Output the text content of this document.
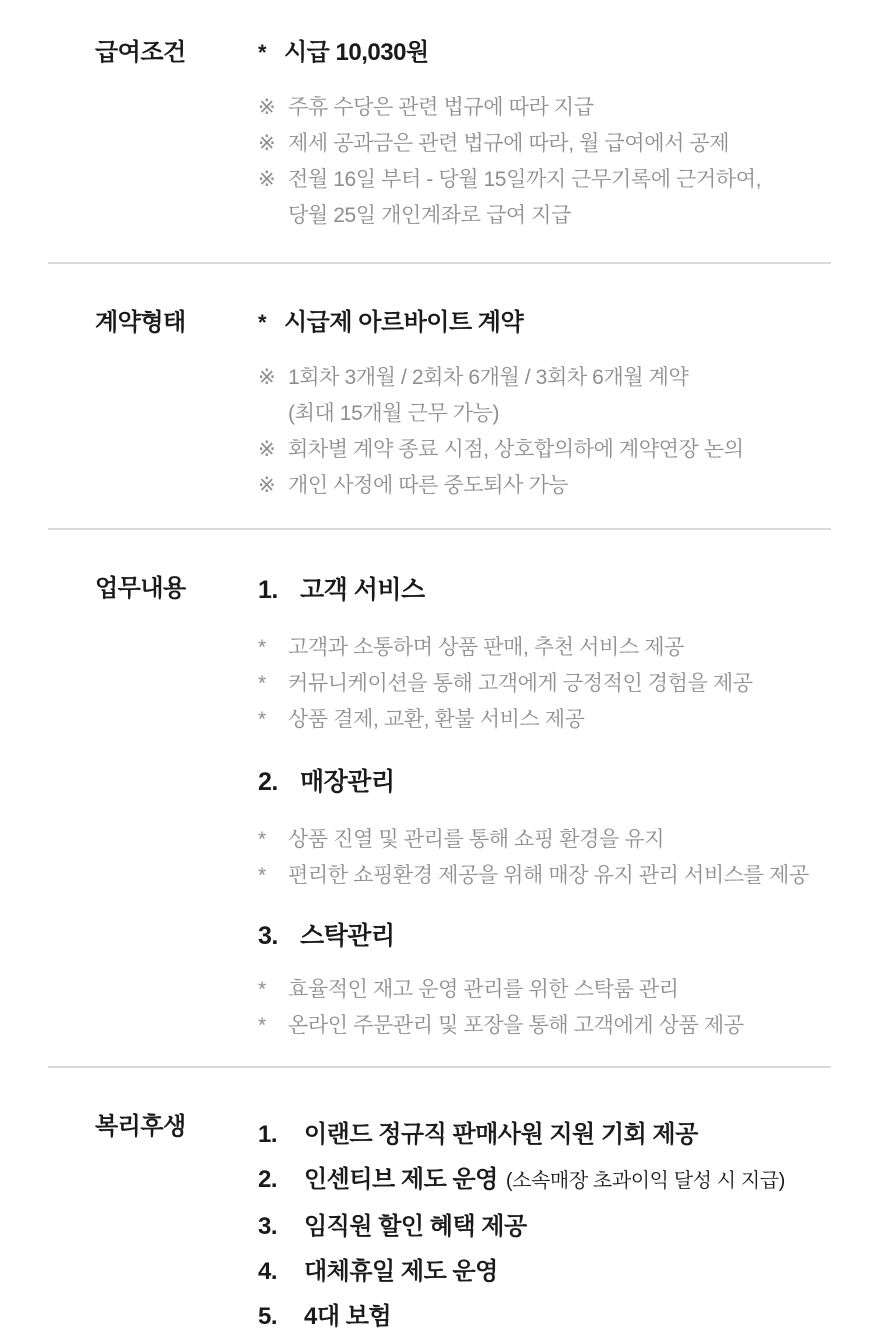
급여조건	* 시급 10,030원
※ 주휴 수당은 관련 법규에 따라 지급
※ 제세 공과금은 관련 법규에 따라, 월 급여에서 공제
※ 전월 16일 부터 - 당월 15일까지 근무기록에 근거하여,
당월 25일 개인계좌로 급여 지급
계약형태	* 시급제 아르바이트 계약
※ 1회차 3개월 / 2회차 6개월 / 3회차 6개월 계약
(최대 15개월 근무 가능)
※ 회차별 계약 종료 시점, 상호합의하에 계약연장 논의
※ 개인 사정에 따른 중도퇴사 가능
업무내용	1. 고객 서비스
*	고객과 소통하며 상품 판매, 추천 서비스 제공
*	커뮤니케이션을 통해 고객에게 긍정적인 경험을 제공
*	상품 결제, 교환, 환불 서비스 제공
2. 매장관리
*	상품 진열 및 관리를 통해 쇼핑 환경을 유지
*	편리한 쇼핑환경 제공을 위해 매장 유지 관리 서비스를 제공
3. 스탁관리
*	효율적인 재고 운영 관리를 위한 스탁룸 관리
*	온라인 주문관리 및 포장을 통해 고객에게 상품 제공
복리후생	1.	이랜드 정규직 판매사원 지원 기회 제공
2.	인센티브 제도 운영 (소속매장 초과이익 달성 시 지급)
3.	임직원 할인 혜택 제공
4.	대체휴일 제도 운영
5.	4대 보험
